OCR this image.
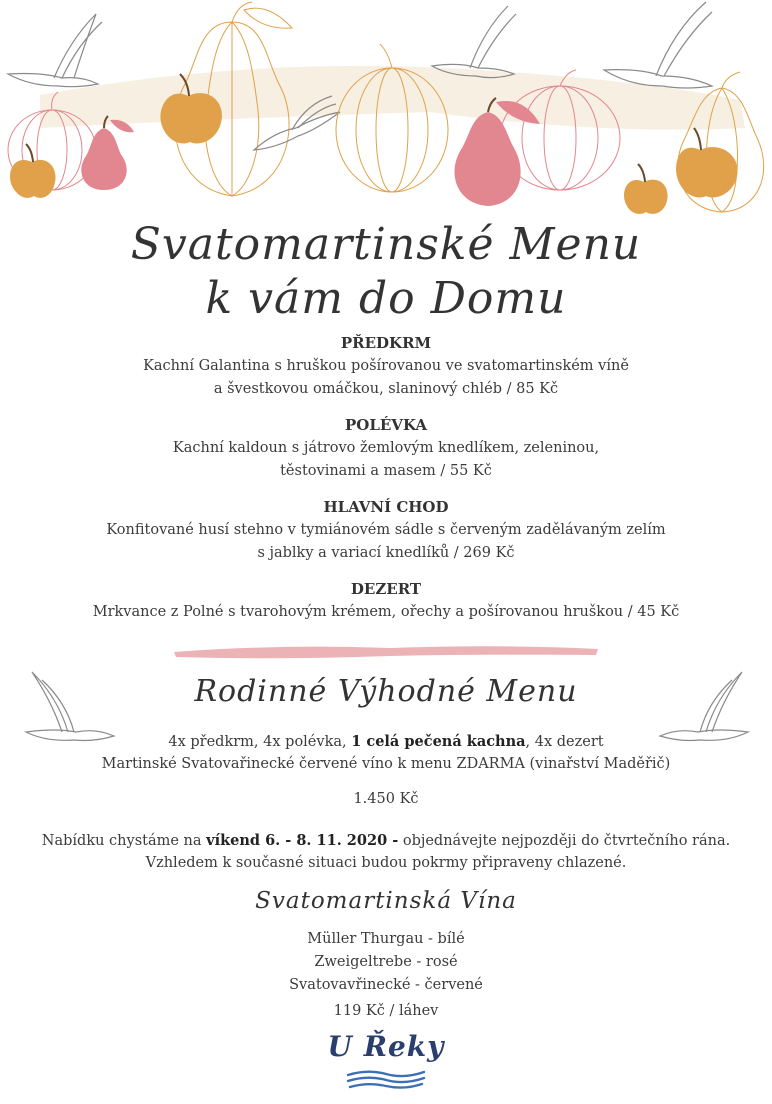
Svatomartinské Menu
k vám do Domu
PŘEDKRM
Kachní Galantina s hruškou pošírovanou ve svatomartinském víně
a švestkovou omáčkou, slaninový chléb / 85 Kč
POLÉVKA
Kachní kaldoun s játrovo žemlovým knedlíkem, zeleninou,
těstovinami a masem / 55 Kč
HLAVNÍ CHOD
Konfitované husí stehno v tymiánovém sádle s červeným zadělávaným zelím
s jablky a variací knedlíků / 269 Kč
DEZERT
Mrkvance z Polné s tvarohovým krémem, ořechy a pošírovanou hruškou / 45 Kč
Rodinné Výhodné Menu
4x předkrm, 4x polévka, 1 celá pečená kachna, 4x dezert
Martinské Svatovařinecké červené víno k menu ZDARMA (vinařství Maděřič)
1.450 Kč
Nabídku chystáme na víkend 6. - 8. 11. 2020 - objednávejte nejpozději do čtvrtečního rána.
Vzhledem k současné situaci budou pokrmy připraveny chlazené.
Svatomartinská Vína
Müller Thurgau - bílé
Zweigeltrebe - rosé
Svatovavřinecké - červené
119 Kč / láhev
U Řeky
